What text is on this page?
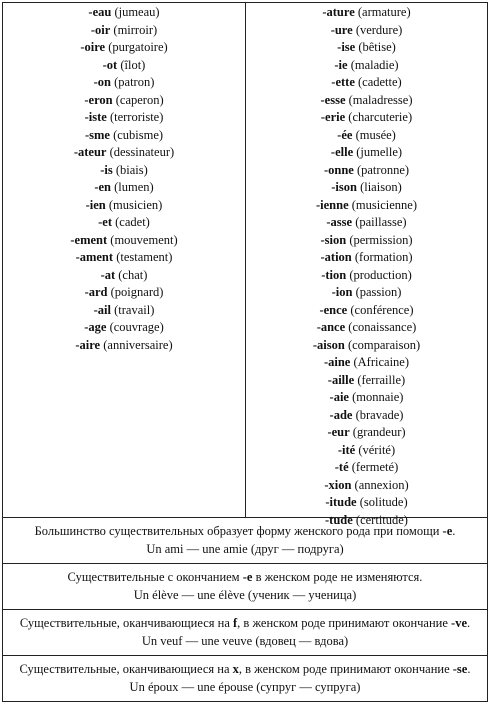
-eau (jumeau)
-oir (mirroir)
-oire (purgatoire)
-ot (îlot)
-on (patron)
-eron (caperon)
-iste (terroriste)
-sme (cubisme)
-ateur (dessinateur)
-is (biais)
-en (lumen)
-ien (musicien)
-et (cadet)
-ement (mouvement)
-ament (testament)
-at (chat)
-ard (poignard)
-ail (travail)
-age (couvrage)
-aire (anniversaire)
-ature (armature)
-ure (verdure)
-ise (bêtise)
-ie (maladie)
-ette (cadette)
-esse (maladresse)
-erie (charcuterie)
-ée (musée)
-elle (jumelle)
-onne (patronne)
-ison (liaison)
-ienne (musicienne)
-asse (paillasse)
-sion (permission)
-ation (formation)
-tion (production)
-ion (passion)
-ence (conférence)
-ance (conaissance)
-aison (comparaison)
-aine (Africaine)
-aille (ferraille)
-aie (monnaie)
-ade (bravade)
-eur (grandeur)
-ité (vérité)
-té (fermeté)
-xion (annexion)
-itude (solitude)
-tude (certitude)
Большинство существительных образует форму женского рода при помощи -e.
Un ami — une amie (друг — подруга)
Существительные с окончанием -e в женском роде не изменяются.
Un élève — une élève (ученик — ученица)
Существительные, оканчивающиеся на f, в женском роде принимают окончание -ve.
Un veuf — une veuve (вдовец — вдова)
Существительные, оканчивающиеся на x, в женском роде принимают окончание -se.
Un époux — une épouse (супруг — супруга)
